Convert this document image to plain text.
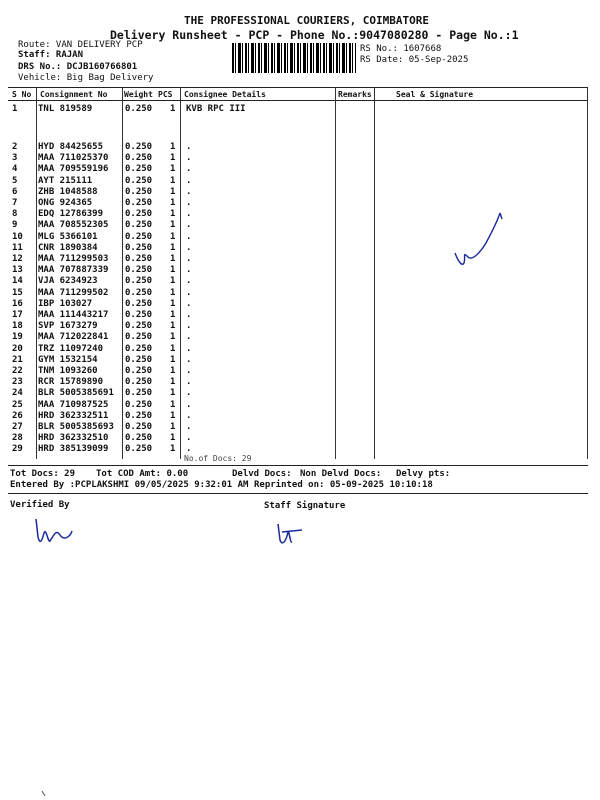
THE PROFESSIONAL COURIERS, COIMBATORE
Delivery Runsheet - PCP - Phone No.:9047080280 - Page No.:1
Route: VAN DELIVERY PCP
Staff: RAJAN
DRS No.: DCJB160766801
Vehicle: Big Bag Delivery
RS No.: 1607668
RS Date: 05-Sep-2025
S No Consignment No Weight PCS Consignee Details	Remarks	Seal & Signature
1 TNL 819589	0.250 1 KVB RPC III
2 HYD 84425655 0.250 1 .
3 MAA 711025370 0.250 1 .
4 MAA 709559196 0.250 1 .
5 AYT 215111	0.250 1 .
6 ZHB 1048588	0.250 1 .
7 ONG 924365	0.250 1 .
8 EDQ 12786399 0.250 1 .
9 MAA 708552305 0.250 1 .
10 MLG 5366101	0.250 1 .
11 CNR 1890384	0.250 1 .
12 MAA 711299503 0.250 1 .
13 MAA 707887339 0.250 1 .
14 VJA 6234923	0.250 1 .
15 MAA 711299502 0.250 1 .
16 IBP 103027	0.250 1 .
17 MAA 111443217 0.250 1 .
18 SVP 1673279	0.250 1 .
19 MAA 712022841 0.250 1 .
20 TRZ 11097240 0.250 1 .
21 GYM 1532154	0.250 1 .
22 TNM 1093260	0.250 1 .
23 RCR 15789890 0.250 1 .
24 BLR 5005385691 0.250 1 .
25 MAA 710987525 0.250 1 .
26 HRD 362332511 0.250 1 .
27 BLR 5005385693 0.250 1 .
28 HRD 362332510 0.250 1 .
29 HRD 385139099 0.250 1 .
No.of Docs: 29
Tot Docs: 29 Tot COD Amt: 0.00	Delvd Docs: Non Delvd Docs: Delvy pts:
Entered By :PCPLAKSHMI 09/05/2025 9:32:01 AM Reprinted on: 05-09-2025 10:10:18
Verified By	Staff Signature
